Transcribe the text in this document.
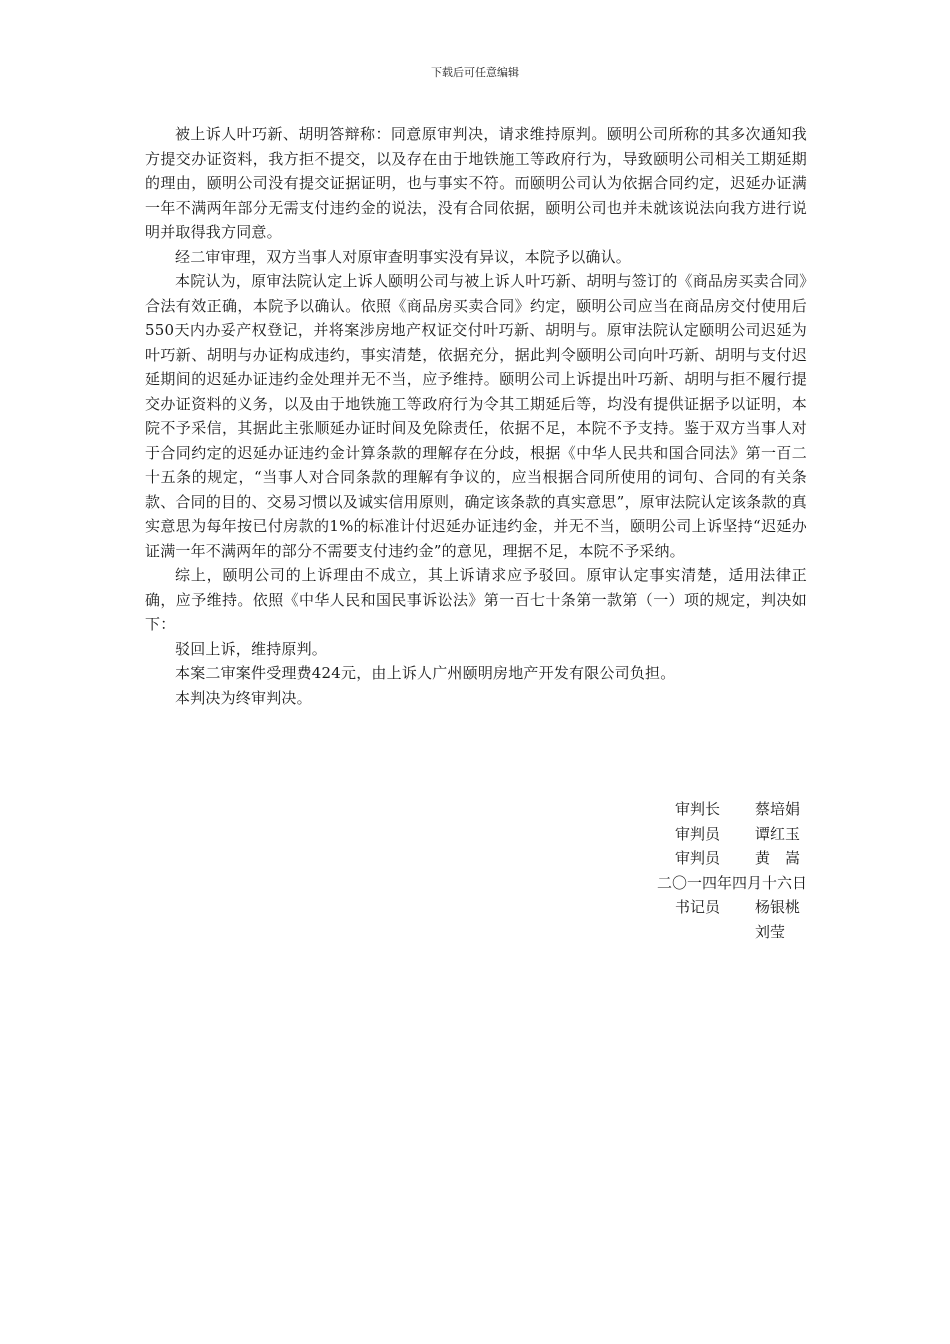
下载后可任意编辑

被上诉人叶巧新、胡明答辩称：同意原审判决，请求维持原判。颐明公司所称的其多次通知我方提交办证资料，我方拒不提交，以及存在由于地铁施工等政府行为，导致颐明公司相关工期延期的理由，颐明公司没有提交证据证明，也与事实不符。而颐明公司认为依据合同约定，迟延办证满一年不满两年部分无需支付违约金的说法，没有合同依据，颐明公司也并未就该说法向我方进行说明并取得我方同意。

经二审审理，双方当事人对原审查明事实没有异议，本院予以确认。

本院认为，原审法院认定上诉人颐明公司与被上诉人叶巧新、胡明与签订的《商品房买卖合同》合法有效正确，本院予以确认。依照《商品房买卖合同》约定，颐明公司应当在商品房交付使用后550天内办妥产权登记，并将案涉房地产权证交付叶巧新、胡明与。原审法院认定颐明公司迟延为叶巧新、胡明与办证构成违约，事实清楚，依据充分，据此判令颐明公司向叶巧新、胡明与支付迟延期间的迟延办证违约金处理并无不当，应予维持。颐明公司上诉提出叶巧新、胡明与拒不履行提交办证资料的义务，以及由于地铁施工等政府行为令其工期延后等，均没有提供证据予以证明，本院不予采信，其据此主张顺延办证时间及免除责任，依据不足，本院不予支持。鉴于双方当事人对于合同约定的迟延办证违约金计算条款的理解存在分歧，根据《中华人民共和国合同法》第一百二十五条的规定，“当事人对合同条款的理解有争议的，应当根据合同所使用的词句、合同的有关条款、合同的目的、交易习惯以及诚实信用原则，确定该条款的真实意思”，原审法院认定该条款的真实意思为每年按已付房款的1%的标准计付迟延办证违约金，并无不当，颐明公司上诉坚持“迟延办证满一年不满两年的部分不需要支付违约金”的意见，理据不足，本院不予采纳。

综上，颐明公司的上诉理由不成立，其上诉请求应予驳回。原审认定事实清楚，适用法律正确，应予维持。依照《中华人民和国民事诉讼法》第一百七十条第一款第（一）项的规定，判决如下：

驳回上诉，维持原判。

本案二审案件受理费424元，由上诉人广州颐明房地产开发有限公司负担。

本判决为终审判决。

审判长	蔡培娟
审判员	谭红玉
审判员	黄　嵩
二〇一四年四月十六日
书记员	杨银桃
刘莹
